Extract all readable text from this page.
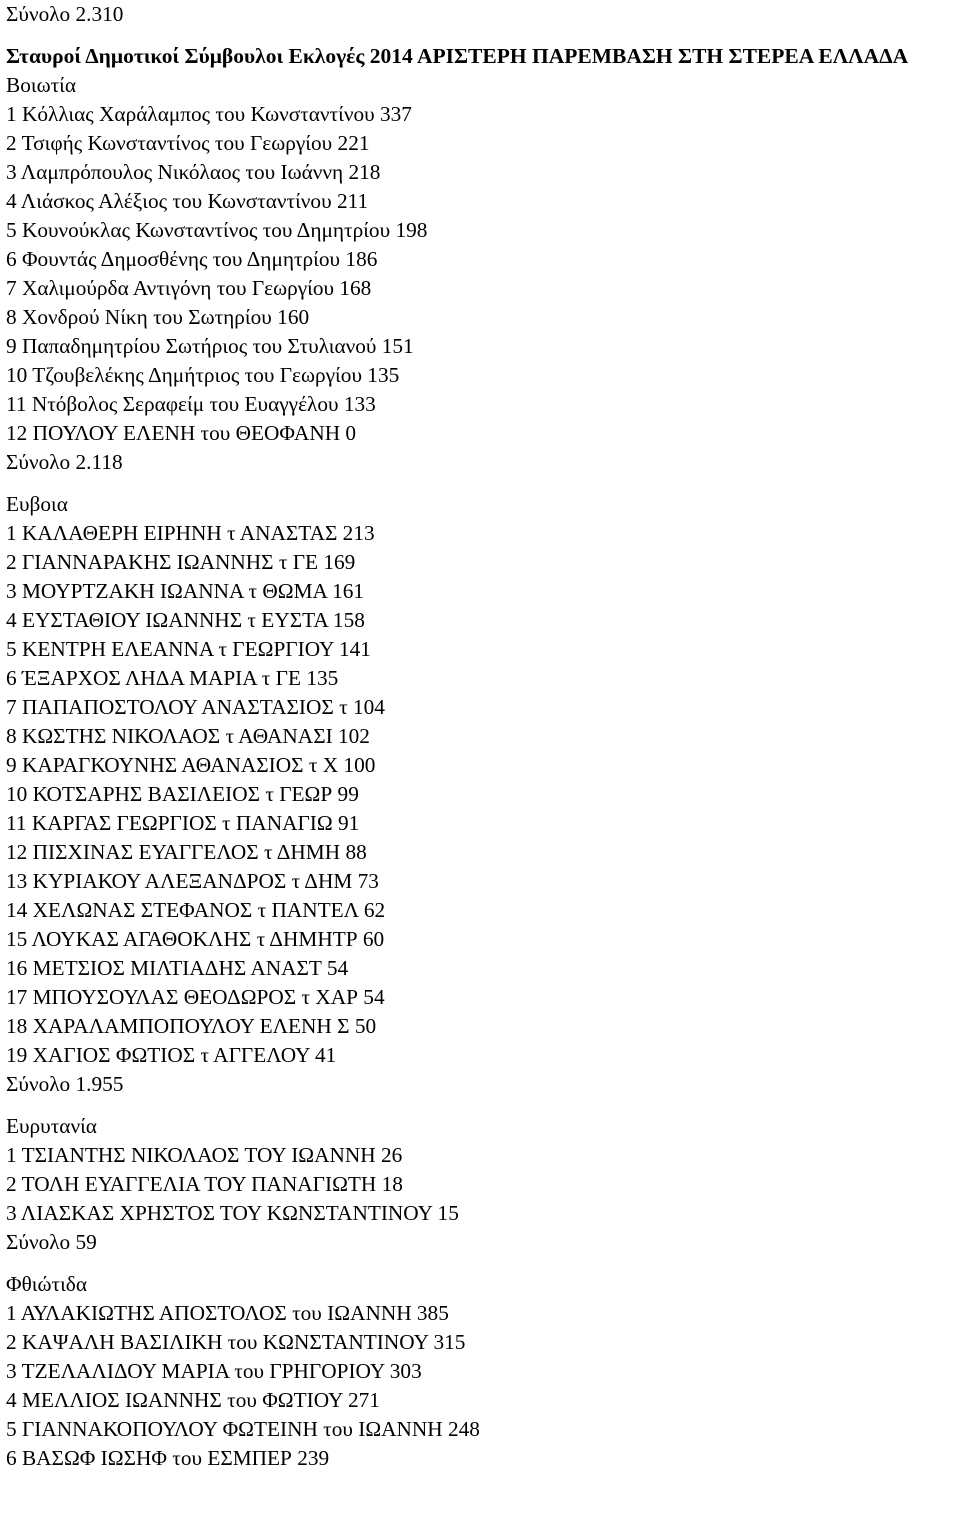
Σύνολο 2.310
Σταυροί Δημοτικοί Σύμβουλοι Εκλογές 2014 ΑΡΙΣΤΕΡΗ ΠΑΡΕΜΒΑΣΗ ΣΤΗ ΣΤΕΡΕΑ ΕΛΛΑΔΑ
Βοιωτία
1 Κόλλιας Χαράλαμπος του Κωνσταντίνου 337
2 Τσιφής Κωνσταντίνος του Γεωργίου 221
3 Λαμπρόπουλος Νικόλαος του Ιωάννη 218
4 Λιάσκος Αλέξιος του Κωνσταντίνου 211
5 Κουνούκλας Κωνσταντίνος του Δημητρίου 198
6 Φουντάς Δημοσθένης του Δημητρίου 186
7 Χαλιμούρδα Αντιγόνη του Γεωργίου 168
8 Χονδρού Νίκη του Σωτηρίου 160
9 Παπαδημητρίου Σωτήριος του Στυλιανού 151
10 Τζουβελέκης Δημήτριος του Γεωργίου 135
11 Ντόβολος Σεραφείμ του Ευαγγέλου 133
12 ΠΟΥΛΟΥ ΕΛΕΝΗ του ΘΕΟΦΑΝΗ 0
Σύνολο 2.118
Ευβοια
1 ΚΑΛΑΘΕΡΗ ΕΙΡΗΝΗ τ ΑΝΑΣΤΑΣ 213
2 ΓΙΑΝΝΑΡΑΚΗΣ ΙΩΑΝΝΗΣ τ ΓΕ 169
3 ΜΟΥΡΤΖΑΚΗ ΙΩΑΝΝΑ τ ΘΩΜΑ 161
4 ΕΥΣΤΑΘΙΟΥ ΙΩΑΝΝΗΣ τ ΕΥΣΤΑ 158
5 ΚΕΝΤΡΗ ΕΛΕΑΝΝΑ τ ΓΕΩΡΓΙΟΥ 141
6 ΈΞΑΡΧΟΣ ΛΗΔΑ ΜΑΡΙΑ τ ΓΕ 135
7 ΠΑΠΑΠΟΣΤΟΛΟΥ ΑΝΑΣΤΑΣΙΟΣ τ 104
8 ΚΩΣΤΗΣ ΝΙΚΟΛΑΟΣ τ ΑΘΑΝΑΣΙ 102
9 ΚΑΡΑΓΚΟΥΝΗΣ ΑΘΑΝΑΣΙΟΣ τ Χ 100
10 ΚΟΤΣΑΡΗΣ ΒΑΣΙΛΕΙΟΣ τ ΓΕΩΡ 99
11 ΚΑΡΓΑΣ ΓΕΩΡΓΙΟΣ τ ΠΑΝΑΓΙΩ 91
12 ΠΙΣΧΙΝΑΣ ΕΥΑΓΓΕΛΟΣ τ ΔΗΜΗ 88
13 ΚΥΡΙΑΚΟΥ ΑΛΕΞΑΝΔΡΟΣ τ ΔΗΜ 73
14 ΧΕΛΩΝΑΣ ΣΤΕΦΑΝΟΣ τ ΠΑΝΤΕΛ 62
15 ΛΟΥΚΑΣ ΑΓΑΘΟΚΛΗΣ τ ΔΗΜΗΤΡ 60
16 ΜΕΤΣΙΟΣ ΜΙΛΤΙΑΔΗΣ ΑΝΑΣΤ 54
17 ΜΠΟΥΣΟΥΛΑΣ ΘΕΟΔΩΡΟΣ τ ΧΑΡ 54
18 ΧΑΡΑΛΑΜΠΟΠΟΥΛΟΥ ΕΛΕΝΗ Σ 50
19 ΧΑΓΙΟΣ ΦΩΤΙΟΣ τ ΑΓΓΕΛΟΥ 41
Σύνολο 1.955
Ευρυτανία
1 ΤΣΙΑΝΤΗΣ ΝΙΚΟΛΑΟΣ ΤΟΥ ΙΩΑΝΝΗ 26
2 ΤΟΛΗ ΕΥΑΓΓΕΛΙΑ ΤΟΥ ΠΑΝΑΓΙΩΤΗ 18
3 ΛΙΑΣΚΑΣ ΧΡΗΣΤΟΣ ΤΟΥ ΚΩΝΣΤΑΝΤΙΝΟΥ 15
Σύνολο 59
Φθιώτιδα
1 ΑΥΛΑΚΙΩΤΗΣ ΑΠΟΣΤΟΛΟΣ του ΙΩΑΝΝΗ 385
2 ΚΑΨΑΛΗ ΒΑΣΙΛΙΚΗ του ΚΩΝΣΤΑΝΤΙΝΟΥ 315
3 ΤΖΕΛΑΛΙΔΟΥ ΜΑΡΙΑ του ΓΡΗΓΟΡΙΟΥ 303
4 ΜΕΛΛΙΟΣ ΙΩΑΝΝΗΣ του ΦΩΤΙΟΥ 271
5 ΓΙΑΝΝΑΚΟΠΟΥΛΟΥ ΦΩΤΕΙΝΗ του ΙΩΑΝΝΗ 248
6 ΒΑΣΩΦ ΙΩΣΗΦ του ΕΣΜΠΕΡ 239
